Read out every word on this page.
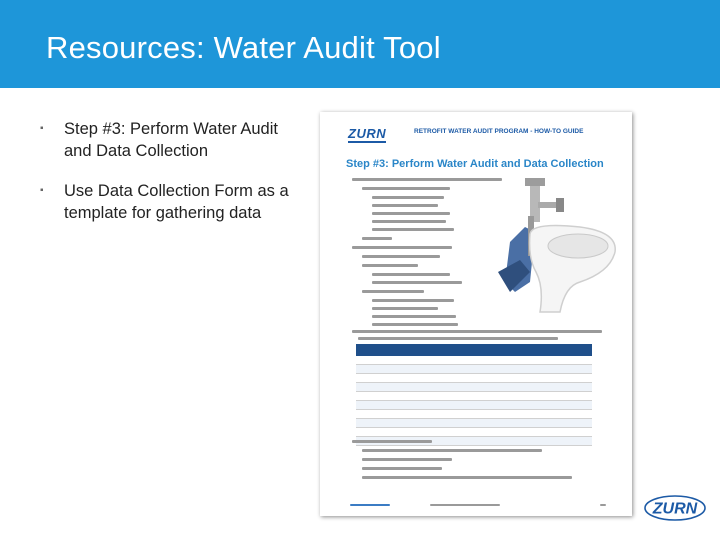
Resources: Water Audit Tool
▪ Step #3: Perform Water Audit and Data Collection
▪ Use Data Collection Form as a template for gathering data
ZURN	RETROFIT WATER AUDIT PROGRAM - HOW-TO GUIDE
Step #3: Perform Water Audit and Data Collection
ZURN
